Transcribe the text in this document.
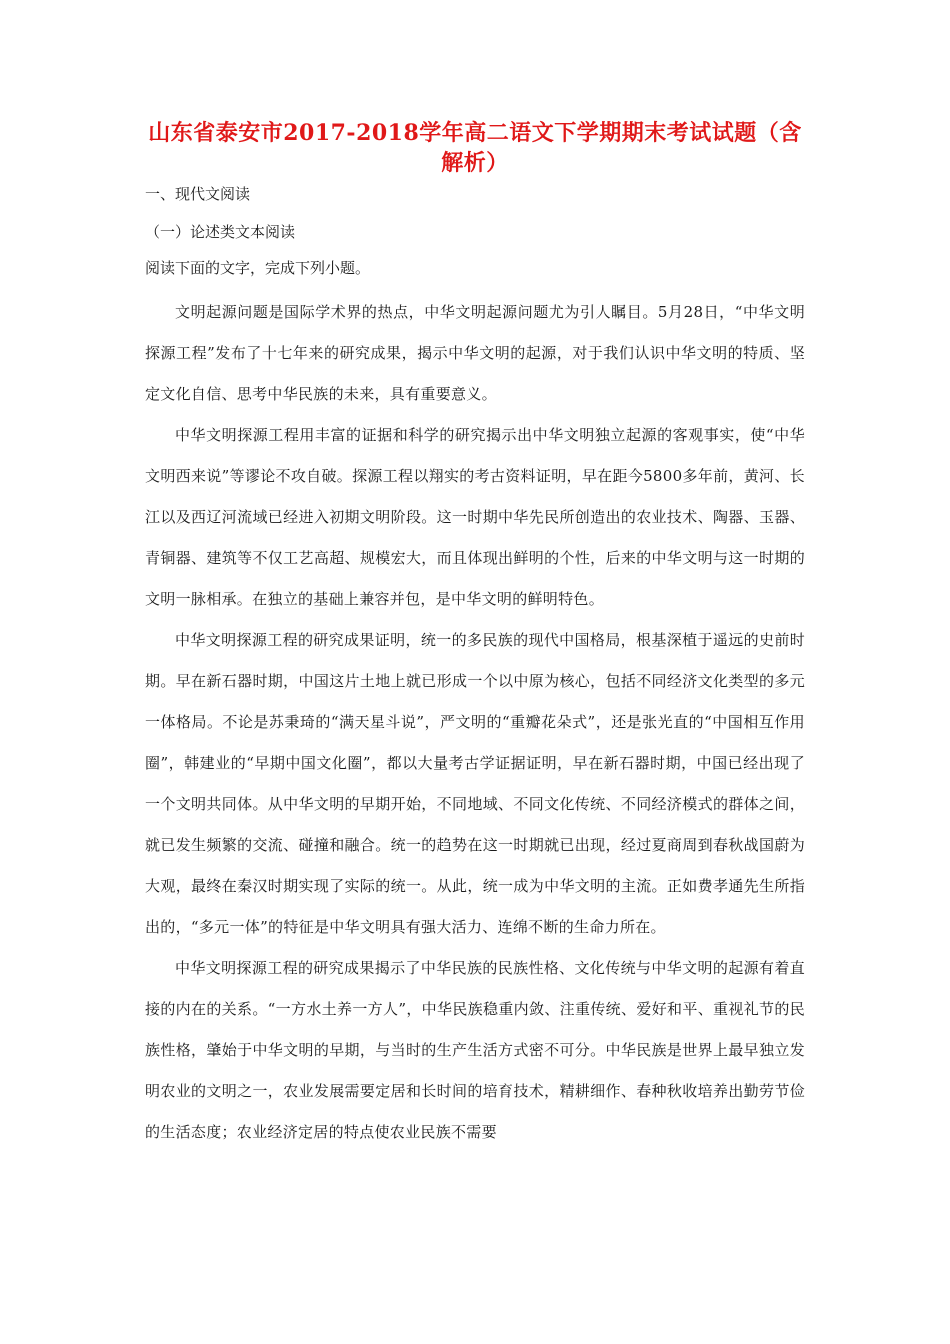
山东省泰安市2017-2018学年高二语文下学期期末考试试题（含解析）
一、现代文阅读
（一）论述类文本阅读
阅读下面的文字，完成下列小题。

文明起源问题是国际学术界的热点，中华文明起源问题尤为引人瞩目。5月28日，“中华文明探源工程”发布了十七年来的研究成果，揭示中华文明的起源，对于我们认识中华文明的特质、坚定文化自信、思考中华民族的未来，具有重要意义。

中华文明探源工程用丰富的证据和科学的研究揭示出中华文明独立起源的客观事实，使“中华文明西来说”等谬论不攻自破。探源工程以翔实的考古资料证明，早在距今5800多年前，黄河、长江以及西辽河流域已经进入初期文明阶段。这一时期中华先民所创造出的农业技术、陶器、玉器、青铜器、建筑等不仅工艺高超、规模宏大，而且体现出鲜明的个性，后来的中华文明与这一时期的文明一脉相承。在独立的基础上兼容并包，是中华文明的鲜明特色。

中华文明探源工程的研究成果证明，统一的多民族的现代中国格局，根基深植于遥远的史前时期。早在新石器时期，中国这片土地上就已形成一个以中原为核心，包括不同经济文化类型的多元一体格局。不论是苏秉琦的“满天星斗说”，严文明的“重瓣花朵式”，还是张光直的“中国相互作用圈”，韩建业的“早期中国文化圈”，都以大量考古学证据证明，早在新石器时期，中国已经出现了一个文明共同体。从中华文明的早期开始，不同地域、不同文化传统、不同经济模式的群体之间，就已发生频繁的交流、碰撞和融合。统一的趋势在这一时期就已出现，经过夏商周到春秋战国蔚为大观，最终在秦汉时期实现了实际的统一。从此，统一成为中华文明的主流。正如费孝通先生所指出的，“多元一体”的特征是中华文明具有强大活力、连绵不断的生命力所在。

中华文明探源工程的研究成果揭示了中华民族的民族性格、文化传统与中华文明的起源有着直接的内在的关系。“一方水土养一方人”，中华民族稳重内敛、注重传统、爱好和平、重视礼节的民族性格，肇始于中华文明的早期，与当时的生产生活方式密不可分。中华民族是世界上最早独立发明农业的文明之一，农业发展需要定居和长时间的培育技术，精耕细作、春种秋收培养出勤劳节俭的生活态度；农业经济定居的特点使农业民族不需要
